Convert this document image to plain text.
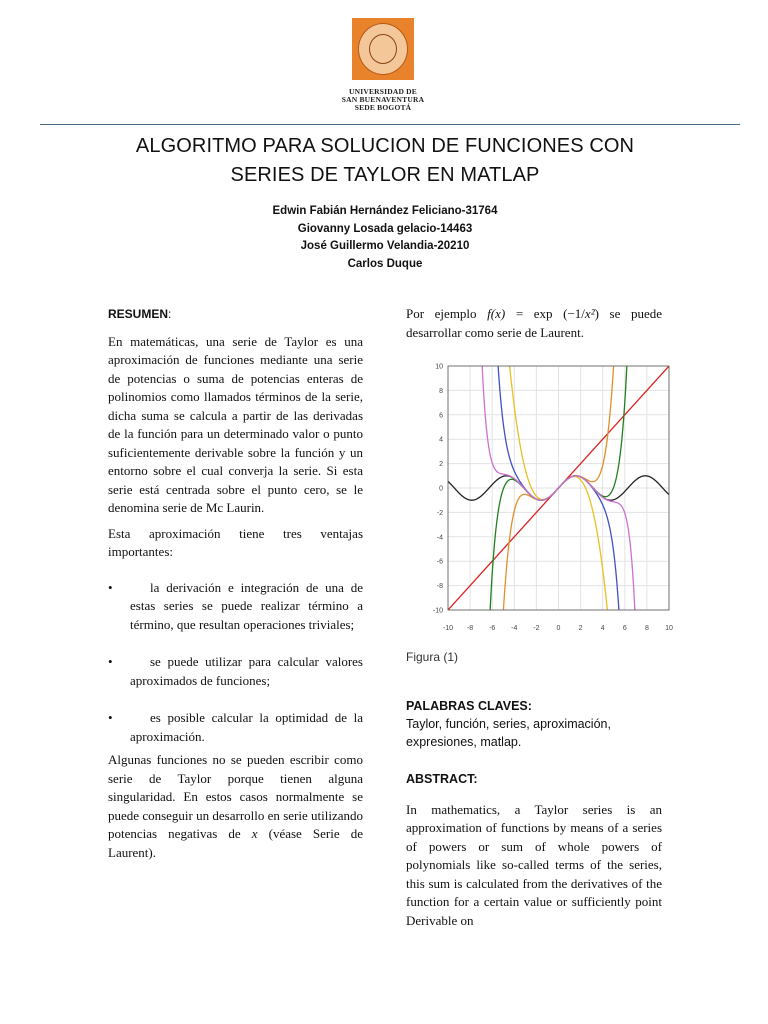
UNIVERSIDAD DE
SAN BUENAVENTURA
SEDE BOGOTÁ
ALGORITMO PARA SOLUCION DE FUNCIONES CON
SERIES DE TAYLOR EN MATLAP
Edwin Fabián Hernández Feliciano-31764
Giovanny Losada gelacio-14463
José Guillermo Velandia-20210
Carlos Duque

RESUMEN:

En matemáticas, una serie de Taylor es una aproximación de funciones mediante una serie de potencias o suma de potencias enteras de polinomios como llamados términos de la serie, dicha suma se calcula a partir de las derivadas de la función para un determinado valor o punto suficientemente derivable sobre la función y un entorno sobre el cual converja la serie. Si esta serie está centrada sobre el punto cero, se le denomina serie de Mc Laurin.

Esta aproximación tiene tres ventajas importantes:

•	la derivación e integración de una de estas series se puede realizar término a término, que resultan operaciones triviales;

•	se puede utilizar para calcular valores aproximados de funciones;

•	es posible calcular la optimidad de la aproximación.

Algunas funciones no se pueden escribir como serie de Taylor porque tienen alguna singularidad. En estos casos normalmente se puede conseguir un desarrollo en serie utilizando potencias negativas de x (véase Serie de Laurent).

Por ejemplo f(x) = exp (−1/x²) se puede desarrollar como serie de Laurent.

-10 -8 -6 -4 -2 0	2	4	6	8 10
10
8
6
4
2
0
-2
-4
-6
-8
-10
Figura (1)
PALABRAS CLAVES:
Taylor, función, series, aproximación, expresiones, matlap.
ABSTRACT:

In mathematics, a Taylor series is an approximation of functions by means of a series of powers or sum of whole powers of polynomials like so-called terms of the series, this sum is calculated from the derivatives of the function for a certain value or sufficiently point Derivable on
